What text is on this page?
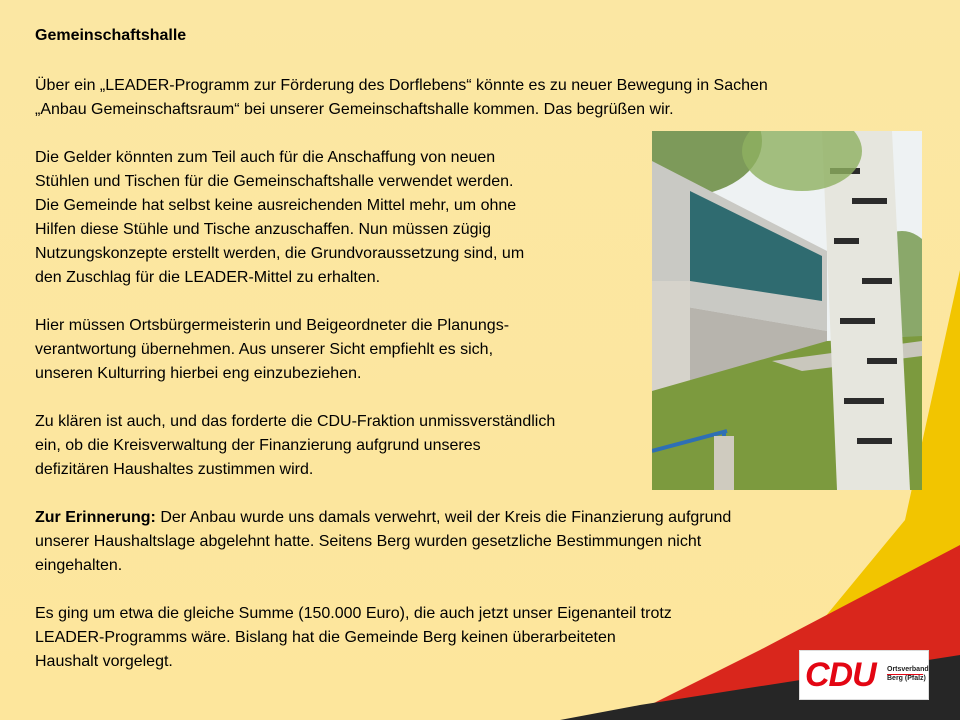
Gemeinschaftshalle
Über ein „LEADER-Programm zur Förderung des Dorflebens“ könnte es zu neuer Bewegung in Sachen
„Anbau Gemeinschaftsraum“ bei unserer Gemeinschaftshalle kommen. Das begrüßen wir.
Die Gelder könnten zum Teil auch für die Anschaffung von neuen
Stühlen und Tischen für die Gemeinschaftshalle verwendet werden.
Die Gemeinde hat selbst keine ausreichenden Mittel mehr, um ohne
Hilfen diese Stühle und Tische anzuschaffen. Nun müssen zügig
Nutzungskonzepte erstellt werden, die Grundvoraussetzung sind, um
den Zuschlag für die LEADER-Mittel zu erhalten.
Hier müssen Ortsbürgermeisterin und Beigeordneter die Planungs-
verantwortung übernehmen. Aus unserer Sicht empfiehlt es sich,
unseren Kulturring hierbei eng einzubeziehen.
Zu klären ist auch, und das forderte die CDU-Fraktion unmissverständlich
ein, ob die Kreisverwaltung der Finanzierung aufgrund unseres
defizitären Haushaltes zustimmen wird.
Zur Erinnerung: Der Anbau wurde uns damals verwehrt, weil der Kreis die Finanzierung aufgrund
unserer Haushaltslage abgelehnt hatte. Seitens Berg wurden gesetzliche Bestimmungen nicht
eingehalten.
Es ging um etwa die gleiche Summe (150.000 Euro), die auch jetzt unser Eigenanteil trotz
LEADER-Programms wäre. Bislang hat die Gemeinde Berg keinen überarbeiteten
Haushalt vorgelegt.	CDU Ortsverband
Berg (Pfalz)
